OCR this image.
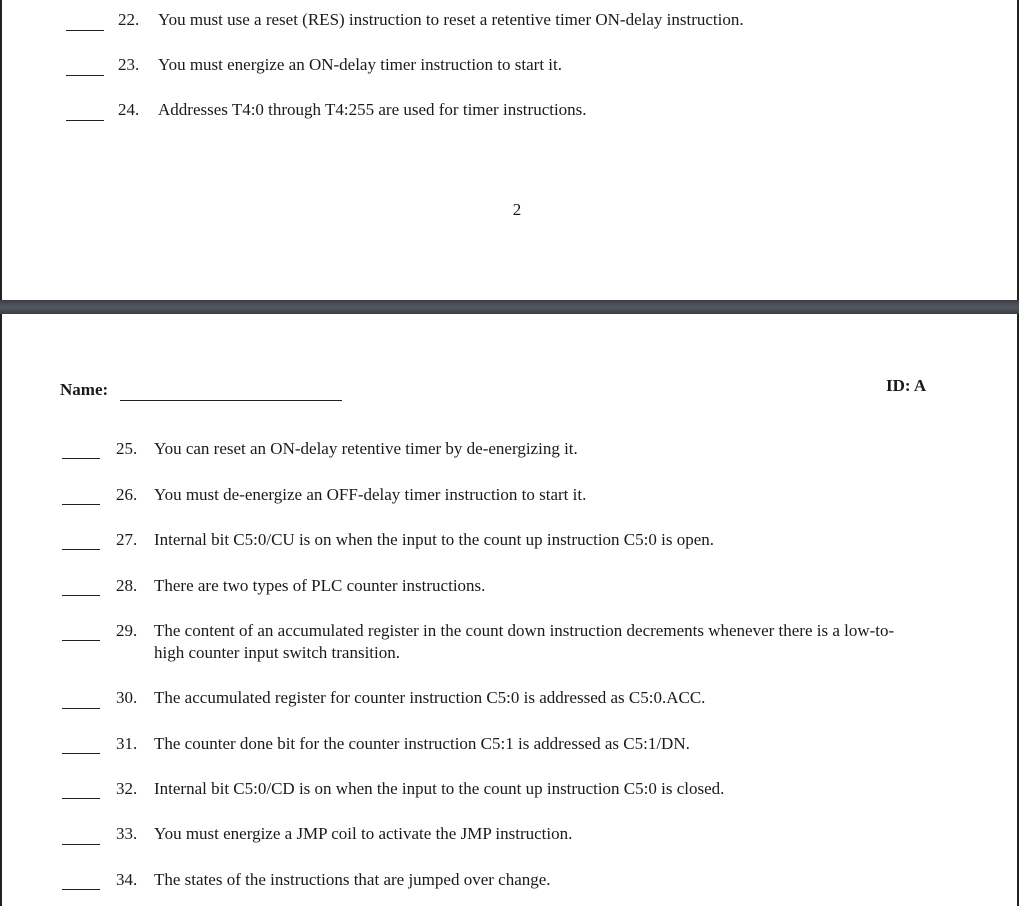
22. You must use a reset (RES) instruction to reset a retentive timer ON-delay instruction.
23. You must energize an ON-delay timer instruction to start it.
24. Addresses T4:0 through T4:255 are used for timer instructions.
2
Name:	ID: A
25. You can reset an ON-delay retentive timer by de-energizing it.
26. You must de-energize an OFF-delay timer instruction to start it.
27. Internal bit C5:0/CU is on when the input to the count up instruction C5:0 is open.
28. There are two types of PLC counter instructions.
29. The content of an accumulated register in the count down instruction decrements whenever there is a low-to-high counter input switch transition.
30. The accumulated register for counter instruction C5:0 is addressed as C5:0.ACC.
31. The counter done bit for the counter instruction C5:1 is addressed as C5:1/DN.
32. Internal bit C5:0/CD is on when the input to the count up instruction C5:0 is closed.
33. You must energize a JMP coil to activate the JMP instruction.
34. The states of the instructions that are jumped over change.
